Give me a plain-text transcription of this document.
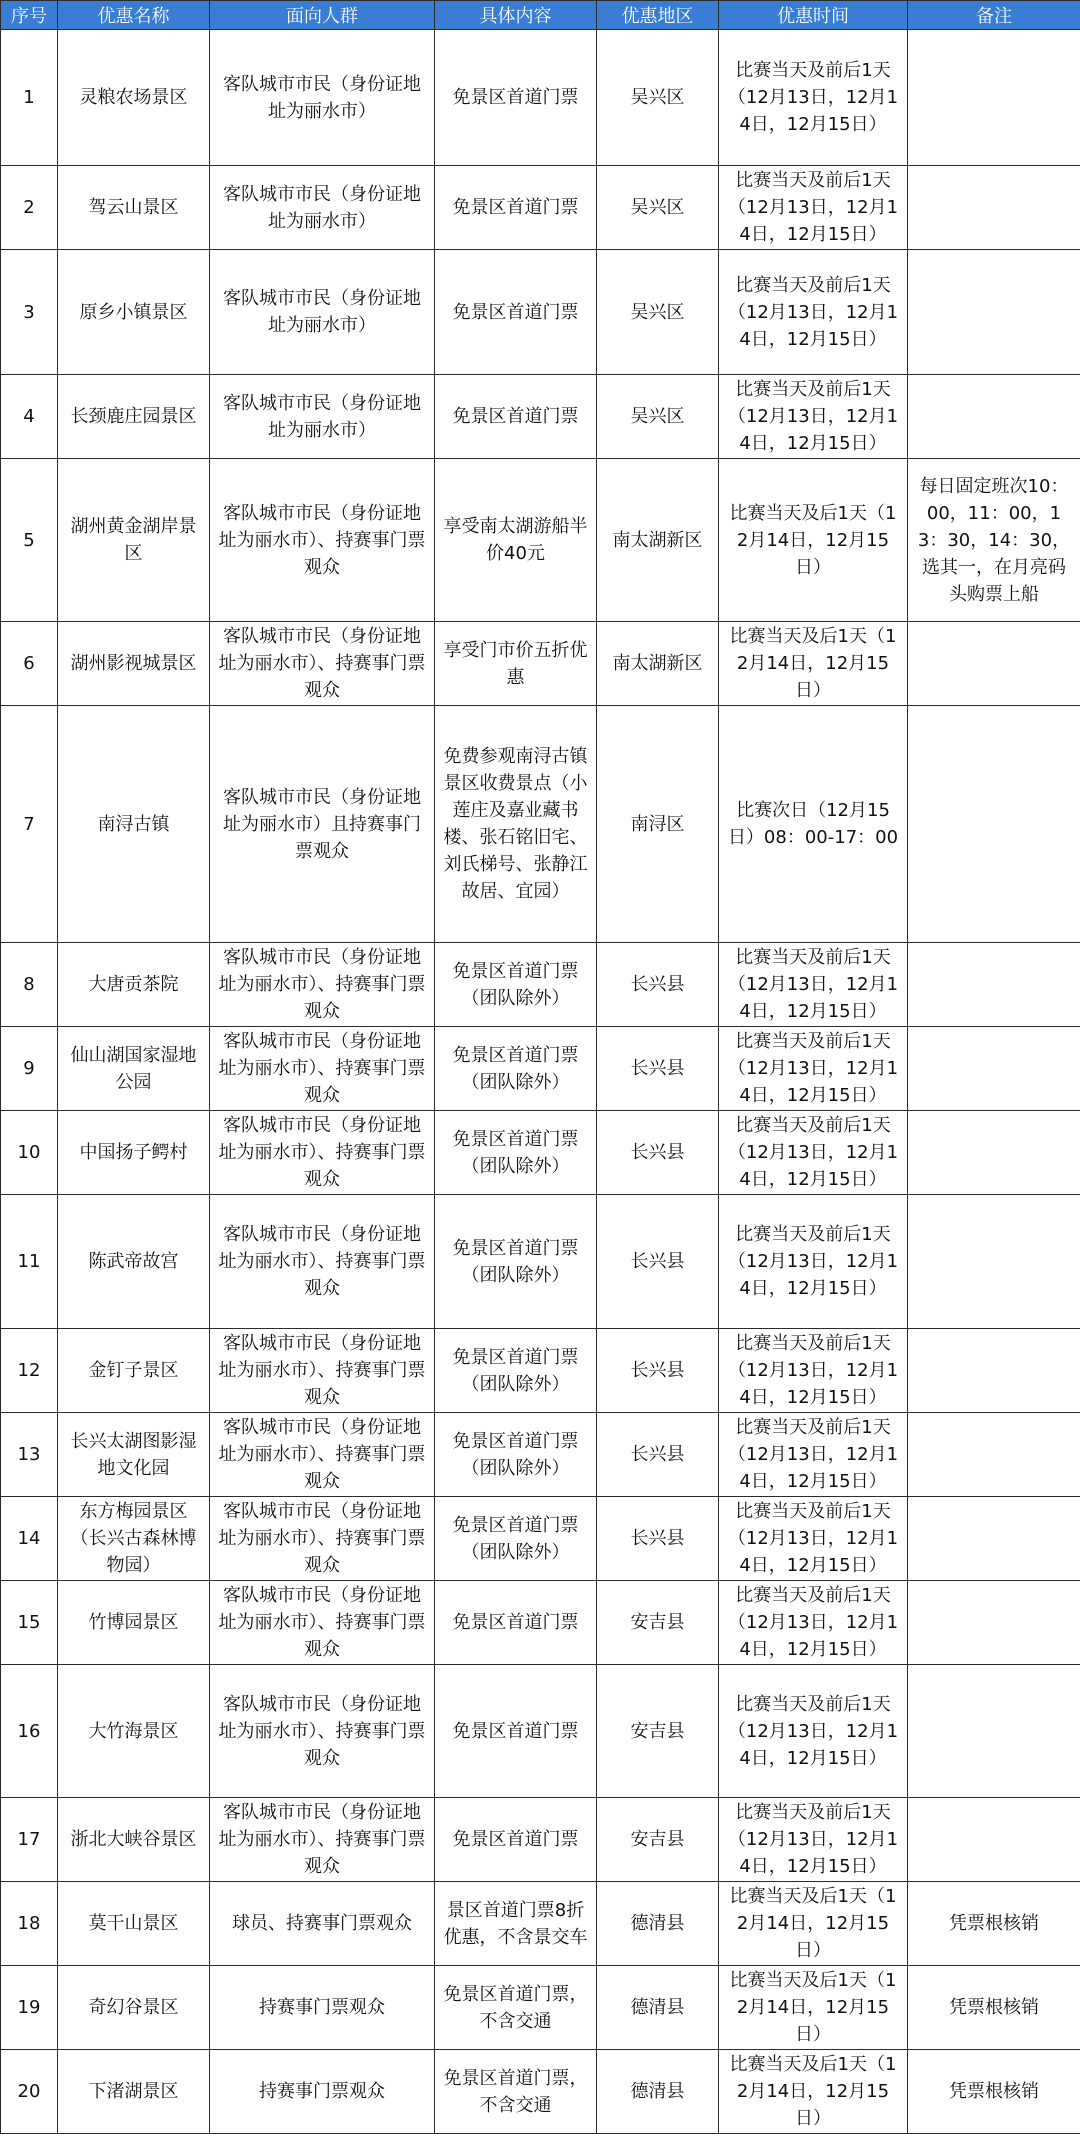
序号	优惠名称	面向人群	具体内容	优惠地区	优惠时间	备注
1	灵粮农场景区	客队城市市民（身份证地址为丽水市）	免景区首道门票	吴兴区	比赛当天及前后1天（12月13日，12月14日，12月15日）	
2	驾云山景区	客队城市市民（身份证地址为丽水市）	免景区首道门票	吴兴区	比赛当天及前后1天（12月13日，12月14日，12月15日）	
3	原乡小镇景区	客队城市市民（身份证地址为丽水市）	免景区首道门票	吴兴区	比赛当天及前后1天（12月13日，12月14日，12月15日）	
4	长颈鹿庄园景区	客队城市市民（身份证地址为丽水市）	免景区首道门票	吴兴区	比赛当天及前后1天（12月13日，12月14日，12月15日）	
5	湖州黄金湖岸景区	客队城市市民（身份证地址为丽水市）、持赛事门票观众	享受南太湖游船半价40元	南太湖新区	比赛当天及后1天（12月14日，12月15日）	每日固定班次10：00，11：00，13：30，14：30，选其一，在月亮码头购票上船
6	湖州影视城景区	客队城市市民（身份证地址为丽水市）、持赛事门票观众	享受门市价五折优惠	南太湖新区	比赛当天及后1天（12月14日，12月15日）	
7	南浔古镇	客队城市市民（身份证地址为丽水市）且持赛事门票观众	免费参观南浔古镇景区收费景点（小莲庄及嘉业藏书楼、张石铭旧宅、刘氏梯号、张静江故居、宜园）	南浔区	比赛次日（12月15日）08：00-17：00	
8	大唐贡茶院	客队城市市民（身份证地址为丽水市）、持赛事门票观众	免景区首道门票（团队除外）	长兴县	比赛当天及前后1天（12月13日，12月14日，12月15日）	
9	仙山湖国家湿地公园	客队城市市民（身份证地址为丽水市）、持赛事门票观众	免景区首道门票（团队除外）	长兴县	比赛当天及前后1天（12月13日，12月14日，12月15日）	
10	中国扬子鳄村	客队城市市民（身份证地址为丽水市）、持赛事门票观众	免景区首道门票（团队除外）	长兴县	比赛当天及前后1天（12月13日，12月14日，12月15日）	
11	陈武帝故宫	客队城市市民（身份证地址为丽水市）、持赛事门票观众	免景区首道门票（团队除外）	长兴县	比赛当天及前后1天（12月13日，12月14日，12月15日）	
12	金钉子景区	客队城市市民（身份证地址为丽水市）、持赛事门票观众	免景区首道门票（团队除外）	长兴县	比赛当天及前后1天（12月13日，12月14日，12月15日）	
13	长兴太湖图影湿地文化园	客队城市市民（身份证地址为丽水市）、持赛事门票观众	免景区首道门票（团队除外）	长兴县	比赛当天及前后1天（12月13日，12月14日，12月15日）	
14	东方梅园景区（长兴古森林博物园）	客队城市市民（身份证地址为丽水市）、持赛事门票观众	免景区首道门票（团队除外）	长兴县	比赛当天及前后1天（12月13日，12月14日，12月15日）	
15	竹博园景区	客队城市市民（身份证地址为丽水市）、持赛事门票观众	免景区首道门票	安吉县	比赛当天及前后1天（12月13日，12月14日，12月15日）	
16	大竹海景区	客队城市市民（身份证地址为丽水市）、持赛事门票观众	免景区首道门票	安吉县	比赛当天及前后1天（12月13日，12月14日，12月15日）	
17	浙北大峡谷景区	客队城市市民（身份证地址为丽水市）、持赛事门票观众	免景区首道门票	安吉县	比赛当天及前后1天（12月13日，12月14日，12月15日）	
18	莫干山景区	球员、持赛事门票观众	景区首道门票8折优惠，不含景交车	德清县	比赛当天及后1天（12月14日，12月15日）	凭票根核销
19	奇幻谷景区	持赛事门票观众	免景区首道门票，不含交通	德清县	比赛当天及后1天（12月14日，12月15日）	凭票根核销
20	下渚湖景区	持赛事门票观众	免景区首道门票，不含交通	德清县	比赛当天及后1天（12月14日，12月15日）	凭票根核销
